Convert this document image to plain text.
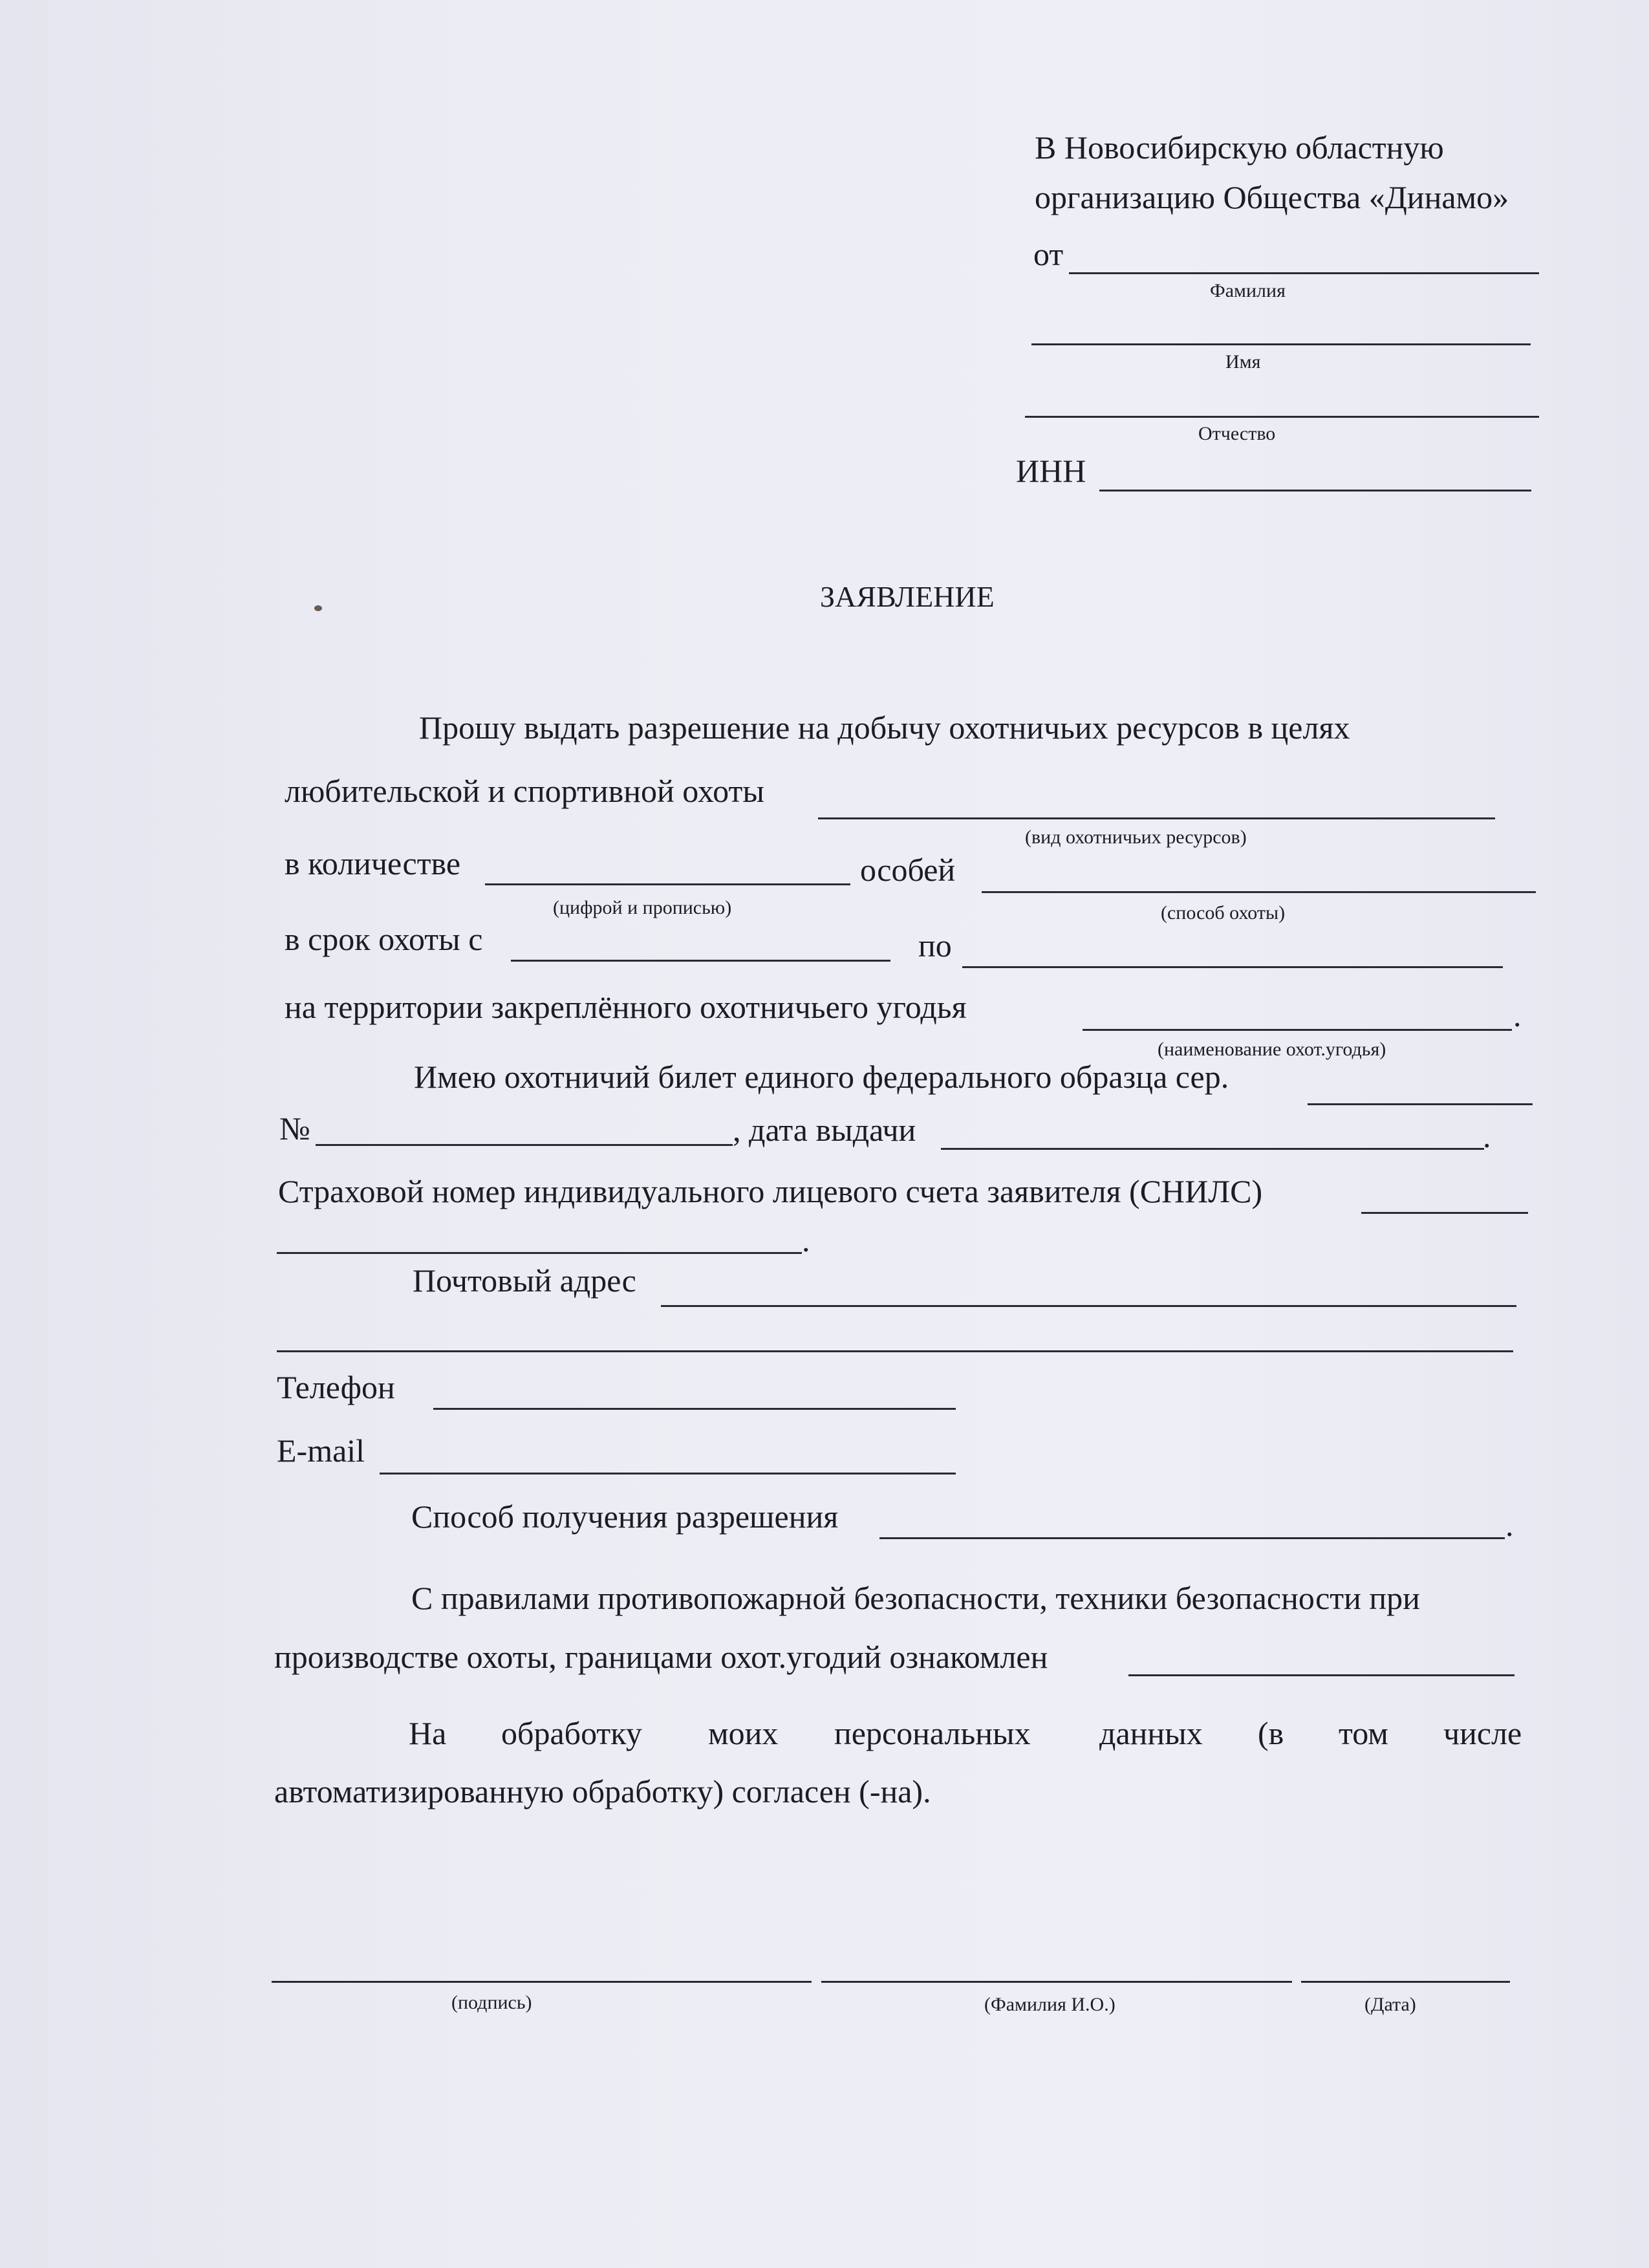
В Новосибирскую областную
организацию Общества «Динамо»
от
Фамилия
Имя
Отчество
ИНН
ЗАЯВЛЕНИЕ
Прошу выдать разрешение на добычу охотничьих ресурсов в целях
любительской и спортивной охоты
(вид охотничьих ресурсов)
в количестве	особей
(цифрой и прописью)	(способ охоты)
в срок охоты с	по
на территории закреплённого охотничьего угодья	.
(наименование охот.угодья)
Имею охотничий билет единого федерального образца сер.
№	, дата выдачи	.
Страховой номер индивидуального лицевого счета заявителя (СНИЛС)
.
Почтовый адрес
Телефон
E-mail
Способ получения разрешения	.
С правилами противопожарной безопасности, техники безопасности при
производстве охоты, границами охот.угодий ознакомлен
На обработку моих персональных данных (в том числе
автоматизированную обработку) согласен (-на).
(подпись)	(Фамилия И.О.)	(Дата)
